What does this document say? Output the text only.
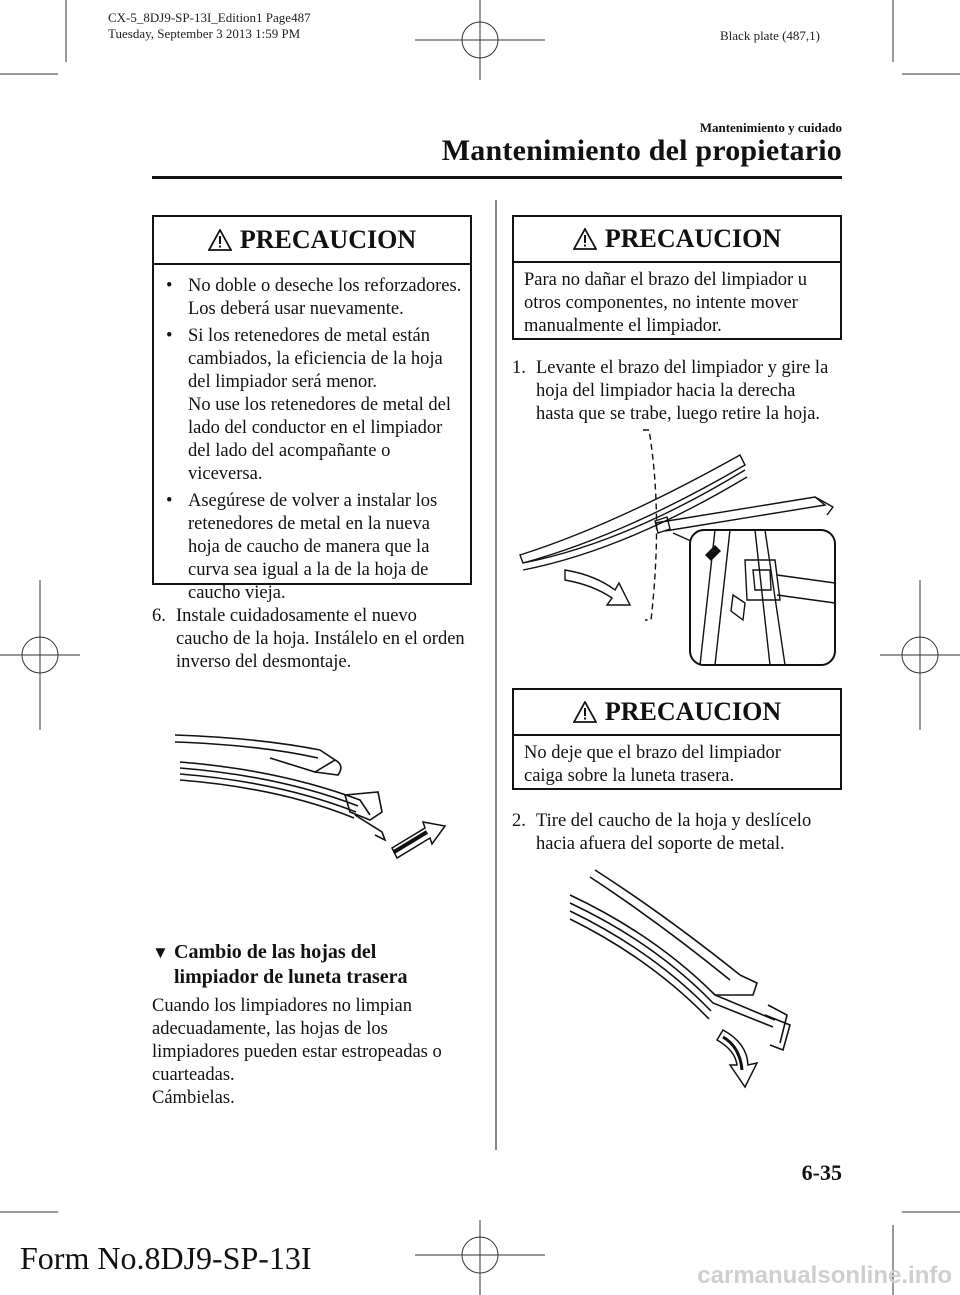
CX-5_8DJ9-SP-13I_Edition1 Page487
Tuesday, September 3 2013 1:59 PM	Black plate (487,1)
Mantenimiento y cuidado
Mantenimiento del propietario
PRECAUCION
• No doble o deseche los reforzadores.
Los deberá usar nuevamente.
• Si los retenedores de metal están
cambiados, la eficiencia de la hoja
del limpiador será menor.
No use los retenedores de metal del
lado del conductor en el limpiador
del lado del acompañante o
viceversa.
• Asegúrese de volver a instalar los
retenedores de metal en la nueva
hoja de caucho de manera que la
curva sea igual a la de la hoja de
caucho vieja.
6. Instale cuidadosamente el nuevo
caucho de la hoja. Instálelo en el orden
inverso del desmontaje.
▼ Cambio de las hojas del
limpiador de luneta trasera
Cuando los limpiadores no limpian
adecuadamente, las hojas de los
limpiadores pueden estar estropeadas o
cuarteadas.
Cámbielas.
PRECAUCION
Para no dañar el brazo del limpiador u
otros componentes, no intente mover
manualmente el limpiador.
1. Levante el brazo del limpiador y gire la
hoja del limpiador hacia la derecha
hasta que se trabe, luego retire la hoja.
PRECAUCION
No deje que el brazo del limpiador
caiga sobre la luneta trasera.
2. Tire del caucho de la hoja y deslícelo
hacia afuera del soporte de metal.
6-35
Form No.8DJ9-SP-13I	carmanualsonline.info
